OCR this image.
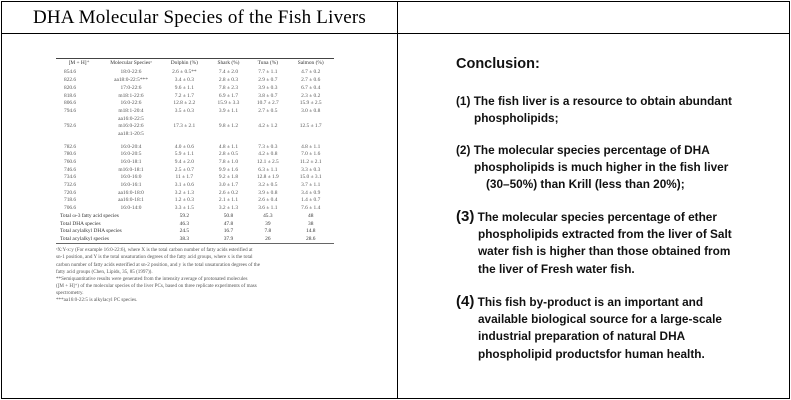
DHA Molecular Species of the Fish Livers
[M + H]⁺	Molecular Speciesᵃ	Dolphin (%)	Shark (%)	Tuna (%)	Salmon (%)
854.6	18:0-22:6	2.6 ± 0.5**	7.4 ± 2.0	7.7 ± 1.1	4.7 ± 0.2
822.6	aa18:0-22:5***	3.4 ± 0.3	2.8 ± 0.3	2.9 ± 0.7	2.7 ± 0.6
820.6	17:0-22:6	9.6 ± 1.1	7.8 ± 2.3	3.9 ± 0.3	6.7 ± 0.4
818.6	m18:1-22:6	7.2 ± 1.7	6.9 ± 1.7	3.8 ± 0.7	2.3 ± 0.2
806.6	16:0-22:6	12.8 ± 2.2	15.9 ± 3.3	10.7 ± 2.7	15.9 ± 2.5
794.6	m18:1-20:4	3.5 ± 0.3	3.9 ± 1.1	2.7 ± 0.5	3.0 ± 0.8
	aa16:0-22:5				
792.6	m16:0-22:6	17.3 ± 2.1	9.8 ± 1.2	4.2 ± 1.2	12.5 ± 1.7
	aa18:1-20:5				

782.6	16:0-20:4	4.0 ± 0.6	4.8 ± 1.1	7.3 ± 0.3	4.8 ± 1.1
780.6	16:0-20:5	5.9 ± 1.1	2.8 ± 0.5	4.2 ± 0.8	7.0 ± 1.6
760.6	16:0-18:1	9.4 ± 2.0	7.8 ± 1.0	12.1 ± 2.5	11.2 ± 2.1
746.6	m16:0-18:1	2.5 ± 0.7	9.9 ± 1.6	6.3 ± 1.1	3.3 ± 0.3
734.6	16:0-16:0	11 ± 1.7	9.2 ± 1.8	12.8 ± 1.9	15.0 ± 3.1
732.6	16:0-16:1	3.1 ± 0.6	3.0 ± 1.7	3.2 ± 0.5	3.7 ± 1.1
720.6	aa16:0-18:0	3.2 ± 1.3	2.6 ± 0.2	3.9 ± 0.8	3.4 ± 0.9
718.6	aa16:0-18:1	1.2 ± 0.3	2.1 ± 1.1	2.6 ± 0.4	1.4 ± 0.7
706.6	16:0-14:0	3.3 ± 1.5	3.2 ± 1.3	3.6 ± 1.1	7.6 ± 1.4
Total ω-3 fatty acid species		59.2	50.8	45.3	48
Total DHA species		46.3	47.8	39	38
Total acylalkyl DHA species		24.5	16.7	7.8	14.8
Total acylalkyl species		38.3	37.9	26	28.6

ᵃX:Y-x:y (For example 16:0-22:6), where X is the total carbon number of fatty acids esterified at

sn-1 position, and Y is the total unsaturation degrees of the fatty acid groups, where x is the total

carbon number of fatty acids esterified at sn-2 position, and y is the total unsaturation degrees of the

fatty acid groups (Chen, Lipids, 35, 85 (1997)).

**Semiquantitative results were generated from the intensity average of protonated molecules

([M + H]⁺) of the molecular species of the liver PCs, based on three replicate experiments of mass

spectrometry.

***aa16:0-22:5 is alkylacyl PC species.

Conclusion:
(1) The fish liver is a resource to obtain abundant
phospholipids;
(2) The molecular species percentage of DHA
phospholipids is much higher in the fish liver
(30–50%) than Krill (less than 20%);
(3) The molecular species percentage of ether
phospholipids extracted from the liver of Salt
water fish is higher than those obtained from
the liver of Fresh water fish.
(4) This fish by-product is an important and
available biological source for a large-scale
industrial preparation of natural DHA
phospholipid productsfor human health.
